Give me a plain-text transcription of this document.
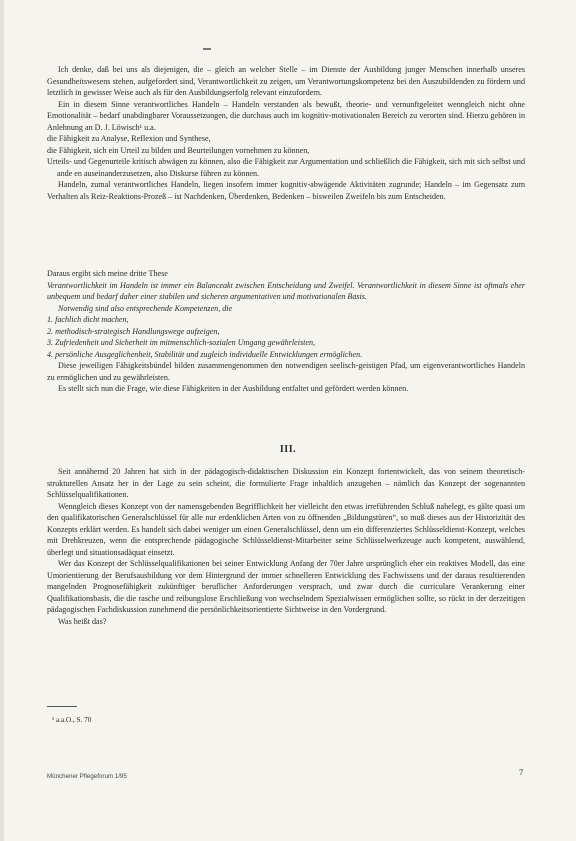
Ich denke, daß bei uns als diejenigen, die – gleich an welcher Stelle – im Dienste der Ausbildung junger Menschen innerhalb unseres Gesundheitswesens stehen, aufgefordert sind, Verantwortlichkeit zu zeigen, um Verantwortungskompetenz bei den Auszubildenden zu fördern und letztlich in gewisser Weise auch als für den Ausbildungserfolg relevant einzufordern.

Ein in diesem Sinne verantwortliches Handeln – Handeln verstanden als bewußt, theorie- und vernunftgeleitet wenngleich nicht ohne Emotionalität – bedarf unabdingbarer Voraussetzungen, die durchaus auch im kognitiv-motivationalen Bereich zu verorten sind. Hierzu gehören in Anlehnung an D. J. Löwisch¹ u.a.

die Fähigkeit zu Analyse, Reflexion und Synthese,

die Fähigkeit, sich ein Urteil zu bilden und Beurteilungen vornehmen zu können,

Urteils- und Gegenurteile kritisch abwägen zu können, also die Fähigkeit zur Argumentation und schließlich die Fähigkeit, sich mit sich selbst und ande en auseinanderzusetzen, also Diskurse führen zu können.

Handeln, zumal verantwortliches Handeln, liegen insofern immer kognitiv-abwägende Aktivitäten zugrunde; Handeln – im Gegensatz zum Verhalten als Reiz-Reaktions-Prozeß – ist Nachdenken, Überdenken, Bedenken – bisweilen Zweifeln bis zum Entscheiden.

Daraus ergibt sich meine dritte These

Verantwortlichkeit im Handeln ist immer ein Balanceakt zwischen Entscheidung und Zweifel. Verantwortlichkeit in diesem Sinne ist oftmals eher unbequem und bedarf daher einer stabilen und sicheren argumentativen und motivationalen Basis.

Notwendig sind also entsprechende Kompetenzen, die

1. fachlich dicht machen,

2. methodisch-strategisch Handlungswege aufzeigen,

3. Zufriedenheit und Sicherheit im mitmenschlich-sozialen Umgang gewährleisten,

4. persönliche Ausgeglichenheit, Stabilität und zugleich individuelle Entwicklungen ermöglichen.

Diese jeweiligen Fähigkeitsbündel bilden zusammengenommen den notwendigen seelisch-geistigen Pfad, um eigenverantwortliches Handeln zu ermöglichen und zu gewährleisten.

Es stellt sich nun die Frage, wie diese Fähigkeiten in der Ausbildung entfaltet und gefördert werden können.

III.

Seit annähernd 20 Jahren hat sich in der pädagogisch-didaktischen Diskussion ein Konzept fortentwickelt, das von seinem theoretisch-strukturellen Ansatz her in der Lage zu sein scheint, die formulierte Frage inhaltlich anzugehen – nämlich das Konzept der sogenannten Schlüsselqualifikationen.

Wenngleich dieses Konzept von der namensgebenden Begrifflichkeit her vielleicht den etwas irreführenden Schluß nahelegt, es gälte quasi um den qualifikatorischen Generalschlüssel für alle nur erdenklichen Arten von zu öffnenden „Bildungstüren“, so muß dieses aus der Historizität des Konzepts erklärt werden. Es handelt sich dabei weniger um einen Generalschlüssel, denn um ein differenziertes Schlüsseldienst-Konzept, welches mit Drehkreuzen, wenn die entsprechende pädagogische Schlüsseldienst-Mitarbeiter seine Schlüsselwerkzeuge auch kompetent, auswählend, überlegt und situationsadäquat einsetzt.

Wer das Konzept der Schlüsselqualifikationen bei seiner Entwicklung Anfang der 70er Jahre ursprünglich eher ein reaktives Modell, das eine Umorientierung der Berufsausbildung vor dem Hintergrund der immer schnelleren Entwicklung des Fachwissens und der daraus resultierenden mangelnden Prognosefähigkeit zukünftiger beruflicher Anforderungen versprach, und zwar durch die curriculare Verankerung einer Qualifikationsbasis, die die rasche und reibungslose Erschließung von wechselndem Spezialwissen ermöglichen sollte, so rückt in der derzeitigen pädagogischen Fachdiskussion zunehmend die persönlichkeitsorientierte Sichtweise in den Vordergrund.

Was heißt das?

¹ a.a.O., S. 70
Münchener Pflegeforum 1/95	7
